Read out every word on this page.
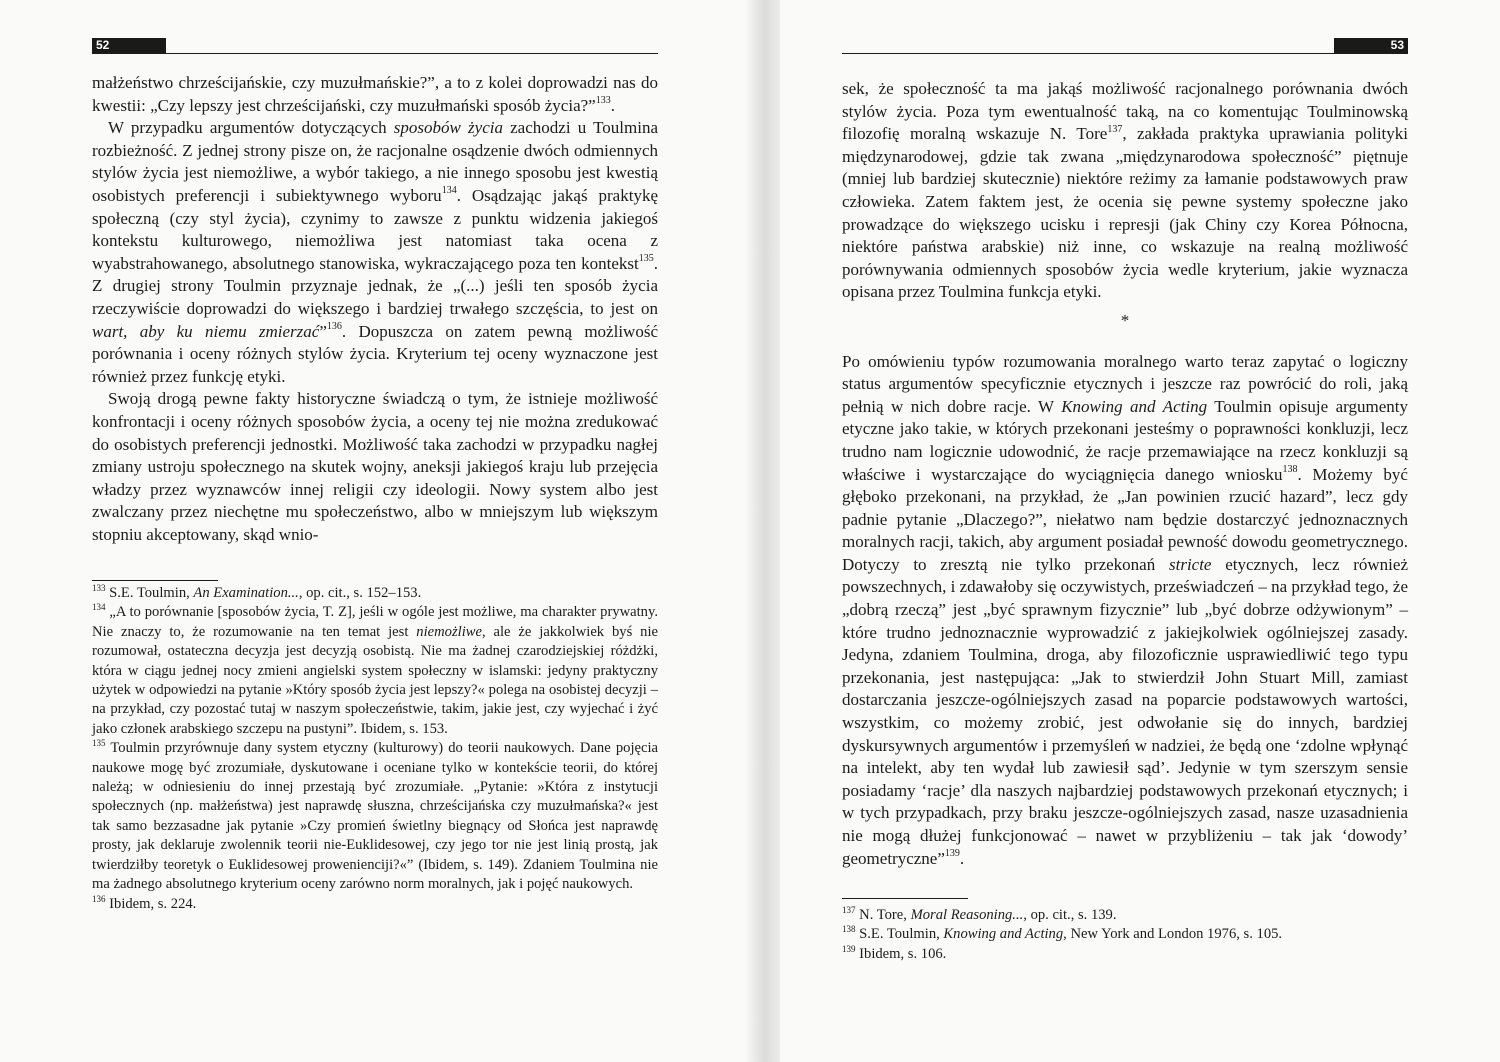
52

małżeństwo chrześcijańskie, czy muzułmańskie?”, a to z kolei doprowadzi nas do kwestii: „Czy lepszy jest chrześcijański, czy muzułmański sposób życia?”$^{133}$.

W przypadku argumentów dotyczących sposobów życia zachodzi u Toulmina rozbieżność. Z jednej strony pisze on, że racjonalne osądzenie dwóch odmiennych stylów życia jest niemożliwe, a wybór takiego, a nie innego sposobu jest kwestią osobistych preferencji i subiektywnego wyboru$^{134}$. Osądzając jakąś praktykę społeczną (czy styl życia), czynimy to zawsze z punktu widzenia jakiegoś kontekstu kulturowego, niemożliwa jest natomiast taka ocena z wyabstrahowanego, absolutnego stanowiska, wykraczającego poza ten kontekst$^{135}$. Z drugiej strony Toulmin przyznaje jednak, że „(...) jeśli ten sposób życia rzeczywiście doprowadzi do większego i bardziej trwałego szczęścia, to jest on wart, aby ku niemu zmierzać”$^{136}$. Dopuszcza on zatem pewną możliwość porównania i oceny różnych stylów życia. Kryterium tej oceny wyznaczone jest również przez funkcję etyki.

Swoją drogą pewne fakty historyczne świadczą o tym, że istnieje możliwość konfrontacji i oceny różnych sposobów życia, a oceny tej nie można zredukować do osobistych preferencji jednostki. Możliwość taka zachodzi w przypadku nagłej zmiany ustroju społecznego na skutek wojny, aneksji jakiegoś kraju lub przejęcia władzy przez wyznawców innej religii czy ideologii. Nowy system albo jest zwalczany przez niechętne mu społeczeństwo, albo w mniejszym lub większym stopniu akceptowany, skąd wnio-

$^{133}$ S.E. Toulmin, An Examination..., op. cit., s. 152–153.

$^{134}$ „A to porównanie [sposobów życia, T. Z], jeśli w ogóle jest możliwe, ma charakter prywatny. Nie znaczy to, że rozumowanie na ten temat jest niemożliwe, ale że jakkolwiek byś nie rozumował, ostateczna decyzja jest decyzją osobistą. Nie ma żadnej czarodziejskiej różdżki, która w ciągu jednej nocy zmieni angielski system społeczny w islamski: jedyny praktyczny użytek w odpowiedzi na pytanie »Który sposób życia jest lepszy?« polega na osobistej decyzji – na przykład, czy pozostać tutaj w naszym społeczeństwie, takim, jakie jest, czy wyjechać i żyć jako członek arabskiego szczepu na pustyni”. Ibidem, s. 153.

$^{135}$ Toulmin przyrównuje dany system etyczny (kulturowy) do teorii naukowych. Dane pojęcia naukowe mogę być zrozumiałe, dyskutowane i oceniane tylko w kontekście teorii, do której należą; w odniesieniu do innej przestają być zrozumiałe. „Pytanie: »Która z instytucji społecznych (np. małżeństwa) jest naprawdę słuszna, chrześcijańska czy muzułmańska?« jest tak samo bezzasadne jak pytanie »Czy promień świetlny biegnący od Słońca jest naprawdę prosty, jak deklaruje zwolennik teorii nie-Euklidesowej, czy jego tor nie jest linią prostą, jak twierdziłby teoretyk o Euklidesowej prowenienciji?«” (Ibidem, s. 149). Zdaniem Toulmina nie ma żadnego absolutnego kryterium oceny zarówno norm moralnych, jak i pojęć naukowych.

$^{136}$ Ibidem, s. 224.

53

sek, że społeczność ta ma jakąś możliwość racjonalnego porównania dwóch stylów życia. Poza tym ewentualność taką, na co komentując Toulminowską filozofię moralną wskazuje N. Tore$^{137}$, zakłada praktyka uprawiania polityki międzynarodowej, gdzie tak zwana „międzynarodowa społeczność” piętnuje (mniej lub bardziej skutecznie) niektóre reżimy za łamanie podstawowych praw człowieka. Zatem faktem jest, że ocenia się pewne systemy społeczne jako prowadzące do większego ucisku i represji (jak Chiny czy Korea Północna, niektóre państwa arabskie) niż inne, co wskazuje na realną możliwość porównywania odmiennych sposobów życia wedle kryterium, jakie wyznacza opisana przez Toulmina funkcja etyki.

*

Po omówieniu typów rozumowania moralnego warto teraz zapytać o logiczny status argumentów specyficznie etycznych i jeszcze raz powrócić do roli, jaką pełnią w nich dobre racje. W Knowing and Acting Toulmin opisuje argumenty etyczne jako takie, w których przekonani jesteśmy o poprawności konkluzji, lecz trudno nam logicznie udowodnić, że racje przemawiające na rzecz konkluzji są właściwe i wystarczające do wyciągnięcia danego wniosku$^{138}$. Możemy być głęboko przekonani, na przykład, że „Jan powinien rzucić hazard”, lecz gdy padnie pytanie „Dlaczego?”, niełatwo nam będzie dostarczyć jednoznacznych moralnych racji, takich, aby argument posiadał pewność dowodu geometrycznego. Dotyczy to zresztą nie tylko przekonań stricte etycznych, lecz również powszechnych, i zdawałoby się oczywistych, przeświadczeń – na przykład tego, że „dobrą rzeczą” jest „być sprawnym fizycznie” lub „być dobrze odżywionym” – które trudno jednoznacznie wyprowadzić z jakiejkolwiek ogólniejszej zasady. Jedyna, zdaniem Toulmina, droga, aby filozoficznie usprawiedliwić tego typu przekonania, jest następująca: „Jak to stwierdził John Stuart Mill, zamiast dostarczania jeszcze-ogólniejszych zasad na poparcie podstawowych wartości, wszystkim, co możemy zrobić, jest odwołanie się do innych, bardziej dyskursywnych argumentów i przemyśleń w nadziei, że będą one ‘zdolne wpłynąć na intelekt, aby ten wydał lub zawiesił sąd’. Jedynie w tym szerszym sensie posiadamy ‘racje’ dla naszych najbardziej podstawowych przekonań etycznych; i w tych przypadkach, przy braku jeszcze-ogólniejszych zasad, nasze uzasadnienia nie mogą dłużej funkcjonować – nawet w przybliżeniu – tak jak ‘dowody’ geometryczne”$^{139}$.

$^{137}$ N. Tore, Moral Reasoning..., op. cit., s. 139.

$^{138}$ S.E. Toulmin, Knowing and Acting, New York and London 1976, s. 105.

$^{139}$ Ibidem, s. 106.
